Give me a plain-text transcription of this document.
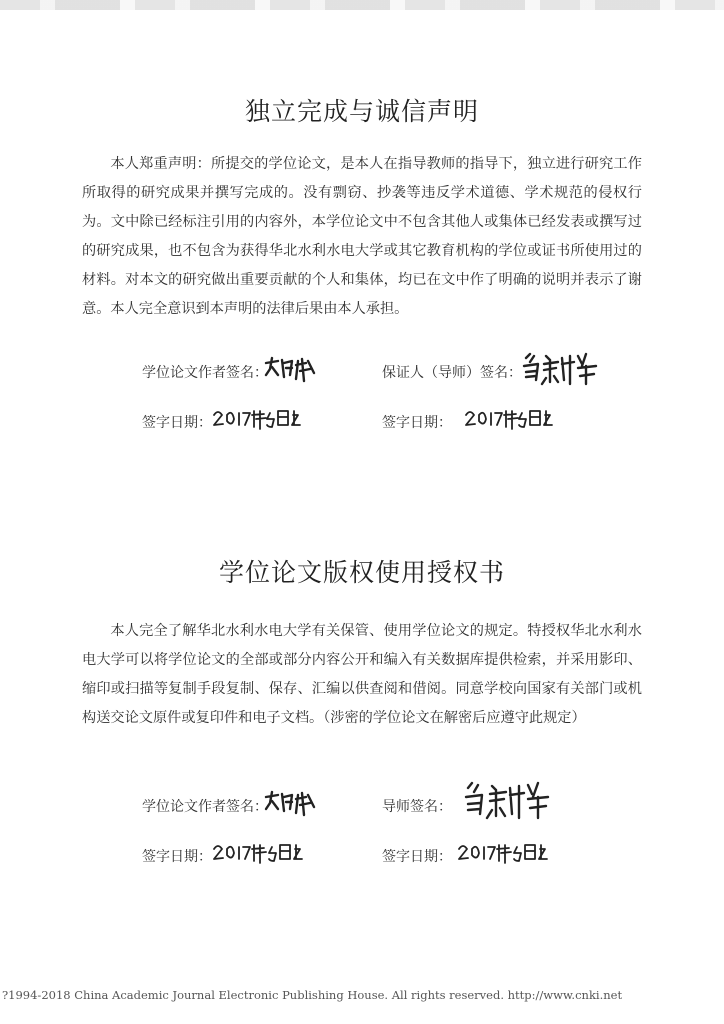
独立完成与诚信声明

本人郑重声明：所提交的学位论文，是本人在指导教师的指导下，独立进行研究工作所取得的研究成果并撰写完成的。没有剽窃、抄袭等违反学术道德、学术规范的侵权行为。文中除已经标注引用的内容外，本学位论文中不包含其他人或集体已经发表或撰写过的研究成果，也不包含为获得华北水利水电大学或其它教育机构的学位或证书所使用过的材料。对本文的研究做出重要贡献的个人和集体，均已在文中作了明确的说明并表示了谢意。本人完全意识到本声明的法律后果由本人承担。

学位论文作者签名：	保证人（导师）签名：
签字日期：	签字日期：
学位论文版权使用授权书

本人完全了解华北水利水电大学有关保管、使用学位论文的规定。特授权华北水利水电大学可以将学位论文的全部或部分内容公开和编入有关数据库提供检索，并采用影印、缩印或扫描等复制手段复制、保存、汇编以供查阅和借阅。同意学校向国家有关部门或机构送交论文原件或复印件和电子文档。（涉密的学位论文在解密后应遵守此规定）

学位论文作者签名：	导师签名：
签字日期：	签字日期：
?1994-2018 China Academic Journal Electronic Publishing House. All rights reserved. http://www.cnki.net
